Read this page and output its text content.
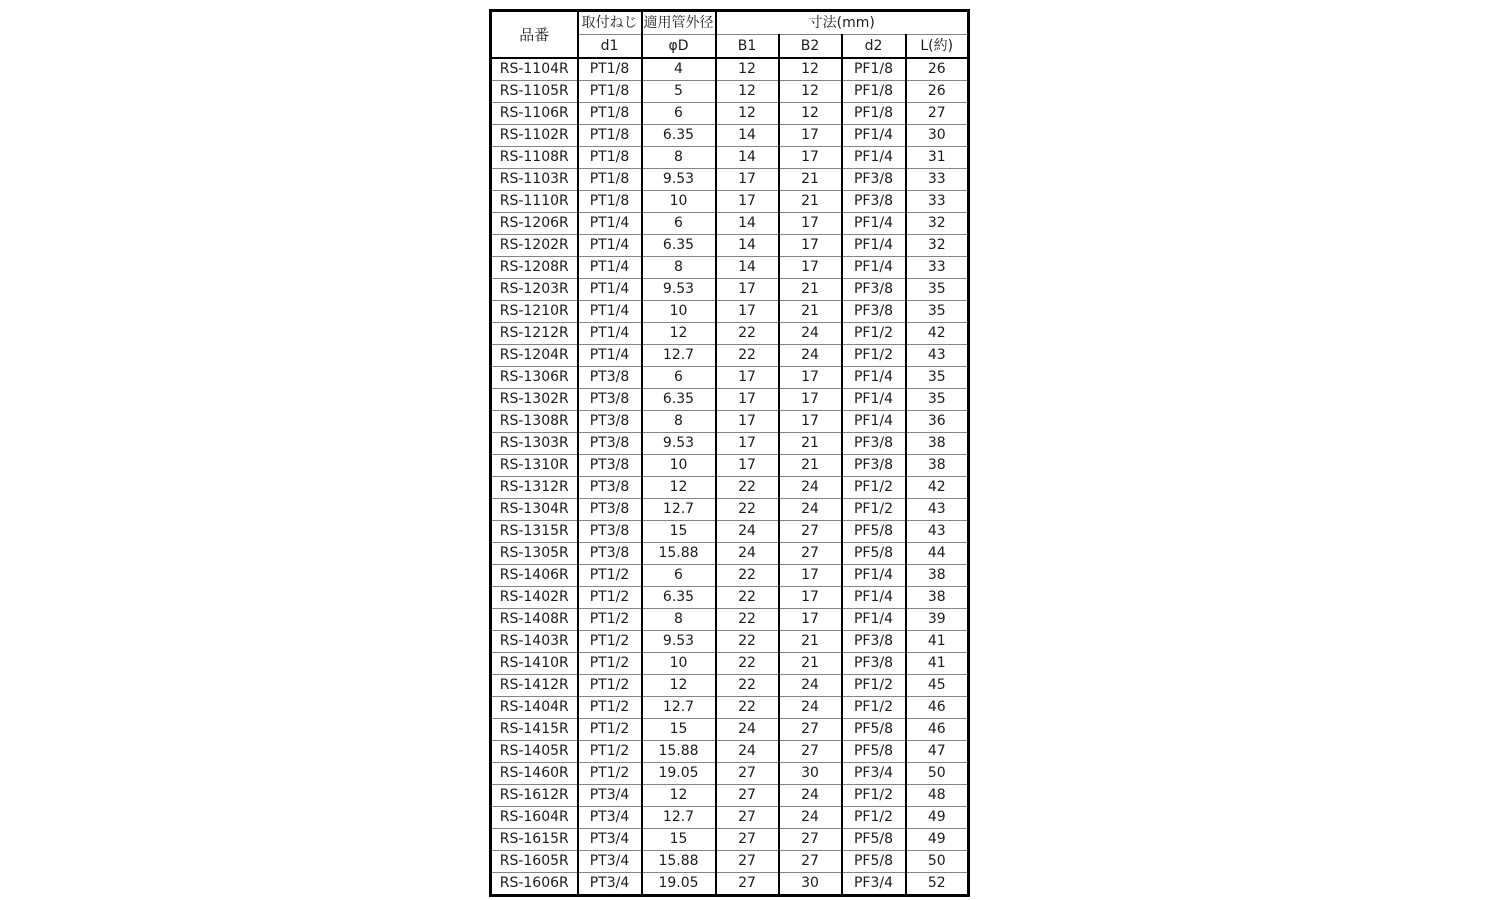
品番	取付ねじ	適用管外径	寸法(mm)			
	d1	φD	B1	B2	d2	L(約)
RS-1104R	PT1/8	4	12	12	PF1/8	26
RS-1105R	PT1/8	5	12	12	PF1/8	26
RS-1106R	PT1/8	6	12	12	PF1/8	27
RS-1102R	PT1/8	6.35	14	17	PF1/4	30
RS-1108R	PT1/8	8	14	17	PF1/4	31
RS-1103R	PT1/8	9.53	17	21	PF3/8	33
RS-1110R	PT1/8	10	17	21	PF3/8	33
RS-1206R	PT1/4	6	14	17	PF1/4	32
RS-1202R	PT1/4	6.35	14	17	PF1/4	32
RS-1208R	PT1/4	8	14	17	PF1/4	33
RS-1203R	PT1/4	9.53	17	21	PF3/8	35
RS-1210R	PT1/4	10	17	21	PF3/8	35
RS-1212R	PT1/4	12	22	24	PF1/2	42
RS-1204R	PT1/4	12.7	22	24	PF1/2	43
RS-1306R	PT3/8	6	17	17	PF1/4	35
RS-1302R	PT3/8	6.35	17	17	PF1/4	35
RS-1308R	PT3/8	8	17	17	PF1/4	36
RS-1303R	PT3/8	9.53	17	21	PF3/8	38
RS-1310R	PT3/8	10	17	21	PF3/8	38
RS-1312R	PT3/8	12	22	24	PF1/2	42
RS-1304R	PT3/8	12.7	22	24	PF1/2	43
RS-1315R	PT3/8	15	24	27	PF5/8	43
RS-1305R	PT3/8	15.88	24	27	PF5/8	44
RS-1406R	PT1/2	6	22	17	PF1/4	38
RS-1402R	PT1/2	6.35	22	17	PF1/4	38
RS-1408R	PT1/2	8	22	17	PF1/4	39
RS-1403R	PT1/2	9.53	22	21	PF3/8	41
RS-1410R	PT1/2	10	22	21	PF3/8	41
RS-1412R	PT1/2	12	22	24	PF1/2	45
RS-1404R	PT1/2	12.7	22	24	PF1/2	46
RS-1415R	PT1/2	15	24	27	PF5/8	46
RS-1405R	PT1/2	15.88	24	27	PF5/8	47
RS-1460R	PT1/2	19.05	27	30	PF3/4	50
RS-1612R	PT3/4	12	27	24	PF1/2	48
RS-1604R	PT3/4	12.7	27	24	PF1/2	49
RS-1615R	PT3/4	15	27	27	PF5/8	49
RS-1605R	PT3/4	15.88	27	27	PF5/8	50
RS-1606R	PT3/4	19.05	27	30	PF3/4	52
